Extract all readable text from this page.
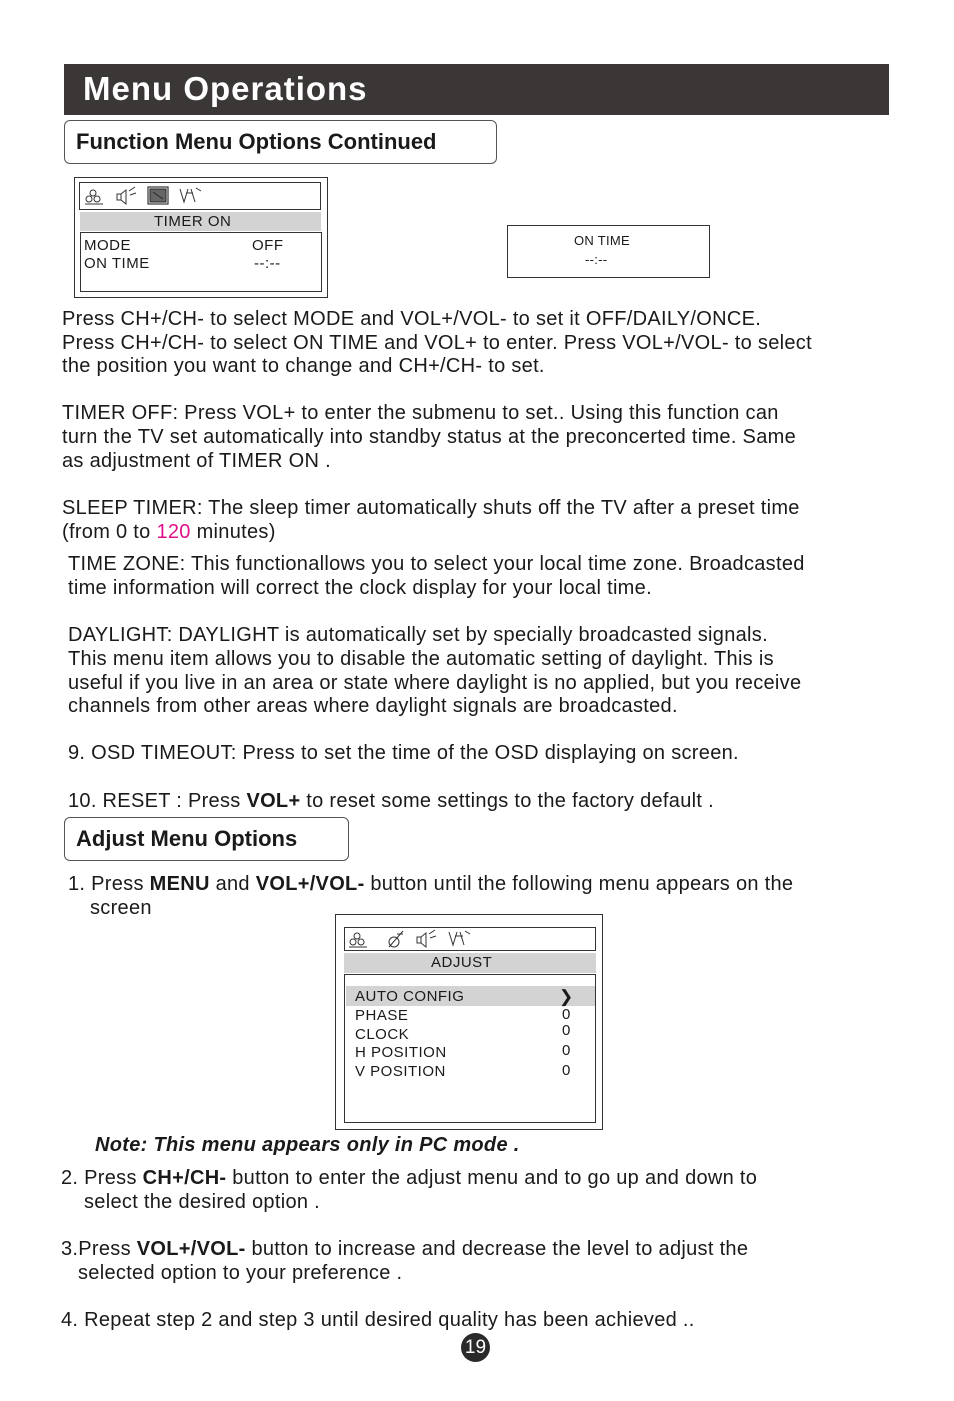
Menu Operations
Function Menu Options Continued
TIMER ON
MODE	OFF
ON TIME	--:--
ON TIME
--:--
Press CH+/CH- to select MODE and VOL+/VOL- to set it OFF/DAILY/ONCE.
Press CH+/CH- to select ON TIME and VOL+ to enter. Press VOL+/VOL- to select
the position you want to change and CH+/CH- to set.
TIMER OFF: Press VOL+ to enter the submenu to set.. Using this function can
turn the TV set automatically into standby status at the preconcerted time. Same
as adjustment of TIMER ON .
SLEEP TIMER: The sleep timer automatically shuts off the TV after a preset time
(from 0 to 120 minutes)
TIME ZONE: This functionallows you to select your local time zone. Broadcasted
time information will correct the clock display for your local time.
DAYLIGHT: DAYLIGHT is automatically set by specially broadcasted signals.
This menu item allows you to disable the automatic setting of daylight. This is
useful if you live in an area or state where daylight is no applied, but you receive
channels from other areas where daylight signals are broadcasted.
9. OSD TIMEOUT: Press to set the time of the OSD displaying on screen.
10. RESET : Press VOL+ to reset some settings to the factory default .
Adjust Menu Options
1. Press MENU and VOL+/VOL- button until the following menu appears on the
screen
ADJUST
AUTO CONFIG	❯
PHASE	0
CLOCK	0
H POSITION	0
V POSITION	0
Note: This menu appears only in PC mode .
2. Press CH+/CH- button to enter the adjust menu and to go up and down to
select the desired option .
3.Press VOL+/VOL- button to increase and decrease the level to adjust the
selected option to your preference .
4. Repeat step 2 and step 3 until desired quality has been achieved ..
19
